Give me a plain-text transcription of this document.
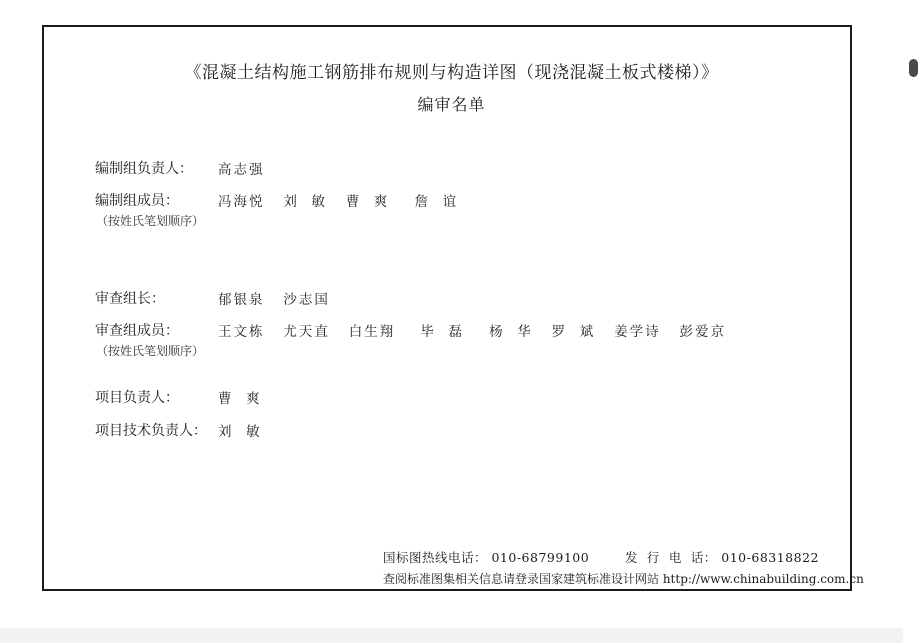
《混凝土结构施工钢筋排布规则与构造详图（现浇混凝土板式楼梯）》
编审名单
编制组负责人： 高志强
编制组成员：	冯海悦   刘  敏   曹  爽    詹  谊
（按姓氏笔划顺序）
审查组长：	郁银泉   沙志国
审查组成员：	王文栋   尤天直   白生翔    毕  磊    杨  华   罗  斌   姜学诗   彭爱京
（按姓氏笔划顺序）
项目负责人：	曹  爽
项目技术负责人： 刘  敏
国标图热线电话： 010-68799100        发  行  电  话： 010-68318822
查阅标准图集相关信息请登录国家建筑标准设计网站 http://www.chinabuilding.com.cn
